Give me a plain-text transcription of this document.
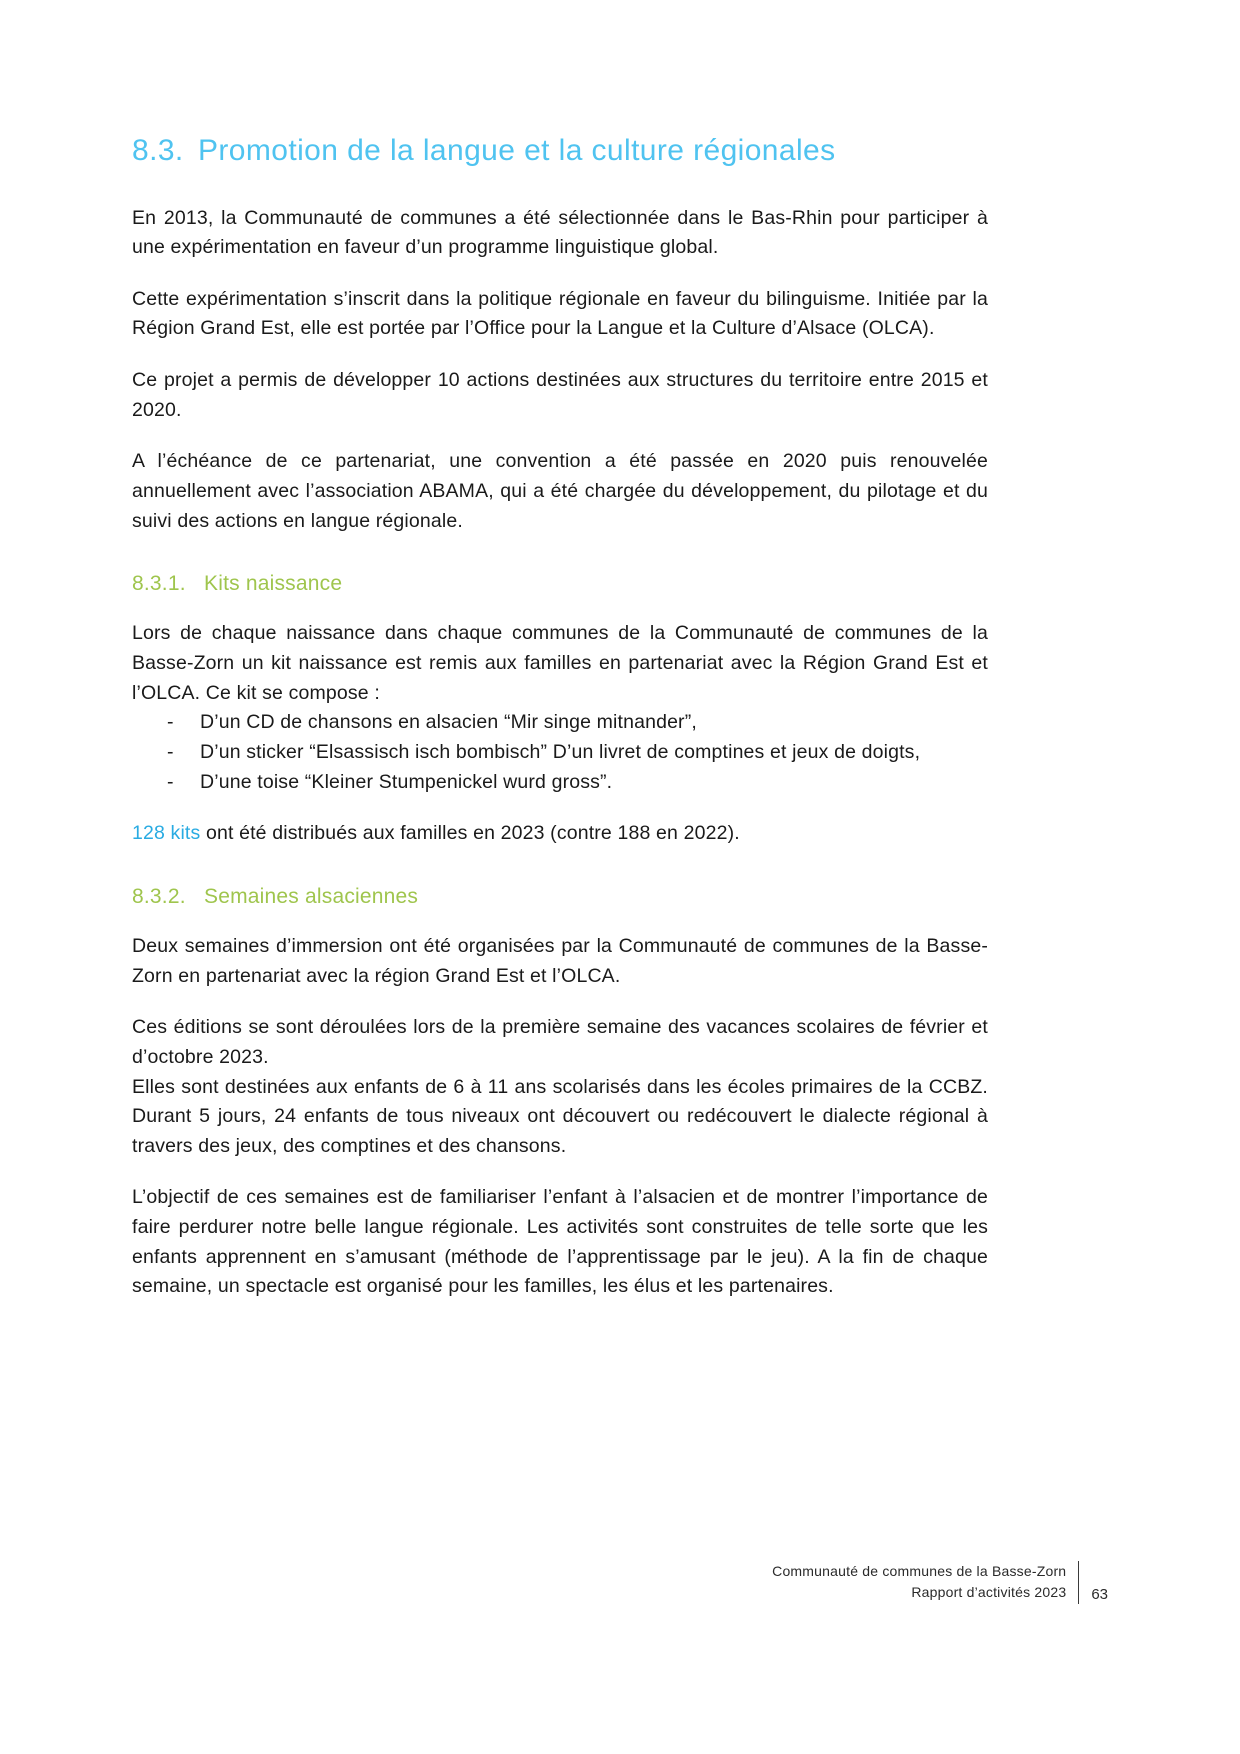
8.3. Promotion de la langue et la culture régionales

En 2013, la Communauté de communes a été sélectionnée dans le Bas-Rhin pour participer à une expérimentation en faveur d’un programme linguistique global.

Cette expérimentation s’inscrit dans la politique régionale en faveur du bilinguisme. Initiée par la Région Grand Est, elle est portée par l’Office pour la Langue et la Culture d’Alsace (OLCA).

Ce projet a permis de développer 10 actions destinées aux structures du territoire entre 2015 et 2020.

A l’échéance de ce partenariat, une convention a été passée en 2020 puis renouvelée annuellement avec l’association ABAMA, qui a été chargée du développement, du pilotage et du suivi des actions en langue régionale.

8.3.1. Kits naissance

Lors de chaque naissance dans chaque communes de la Communauté de communes de la Basse-Zorn un kit naissance est remis aux familles en partenariat avec la Région Grand Est et l’OLCA. Ce kit se compose :

- D’un CD de chansons en alsacien “Mir singe mitnander”,
- D’un sticker “Elsassisch isch bombisch” D’un livret de comptines et jeux de doigts,
- D’une toise “Kleiner Stumpenickel wurd gross”.

128 kits ont été distribués aux familles en 2023 (contre 188 en 2022).

8.3.2. Semaines alsaciennes

Deux semaines d’immersion ont été organisées par la Communauté de communes de la Basse-Zorn en partenariat avec la région Grand Est et l’OLCA.

Ces éditions se sont déroulées lors de la première semaine des vacances scolaires de février et d’octobre 2023.

Elles sont destinées aux enfants de 6 à 11 ans scolarisés dans les écoles primaires de la CCBZ. Durant 5 jours, 24 enfants de tous niveaux ont découvert ou redécouvert le dialecte régional à travers des jeux, des comptines et des chansons.

L’objectif de ces semaines est de familiariser l’enfant à l’alsacien et de montrer l’importance de faire perdurer notre belle langue régionale. Les activités sont construites de telle sorte que les enfants apprennent en s’amusant (méthode de l’apprentissage par le jeu). A la fin de chaque semaine, un spectacle est organisé pour les familles, les élus et les partenaires.

Communauté de communes de la Basse-Zorn
Rapport d’activités 2023 63
